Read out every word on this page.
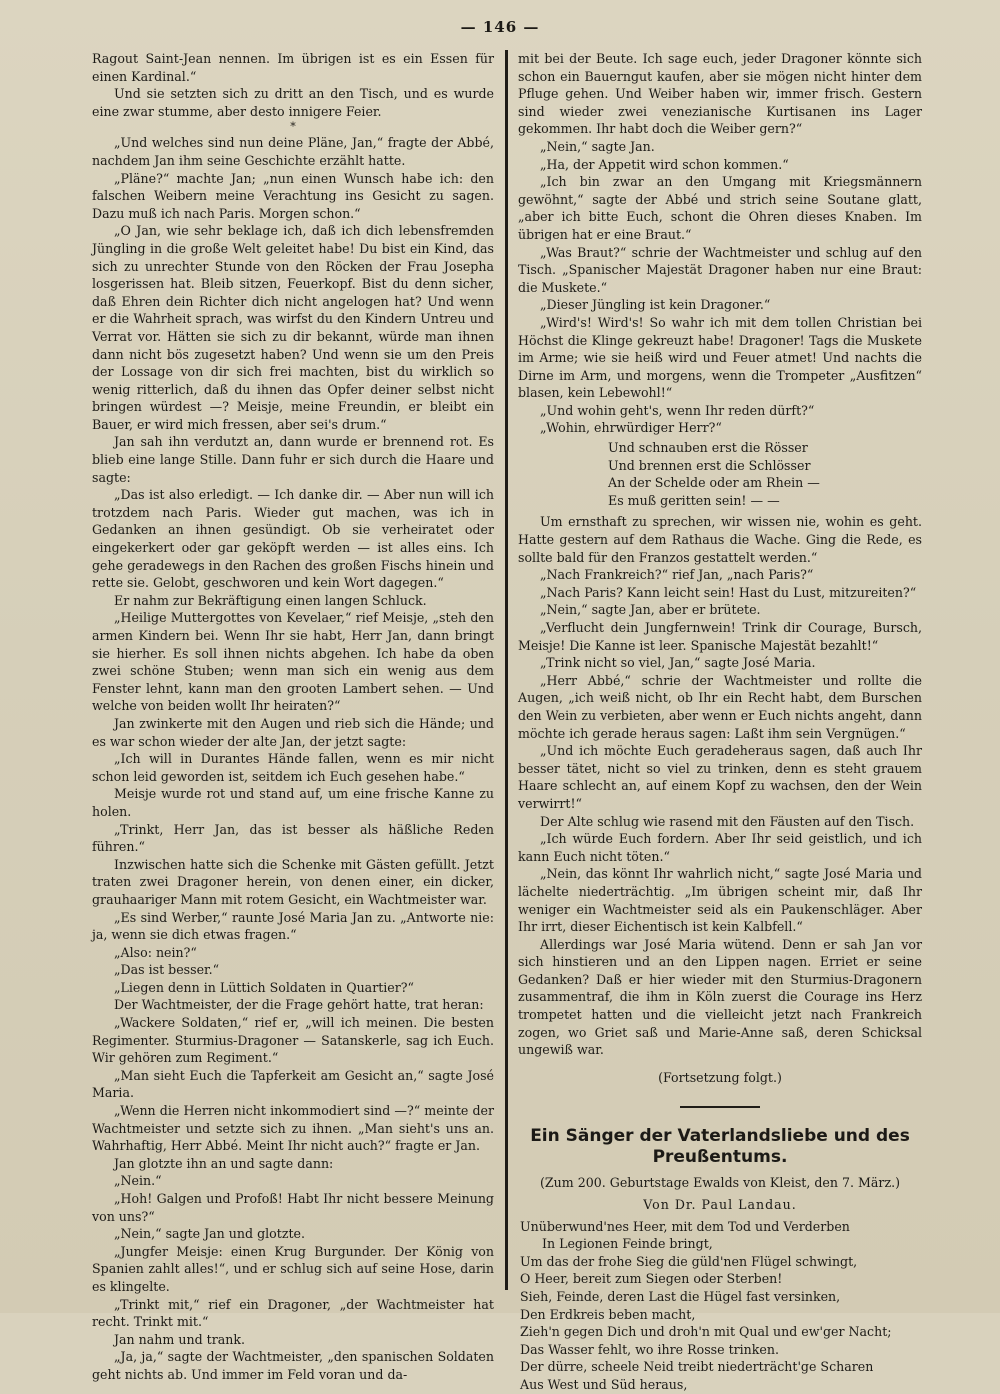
— 146 —

Ragout Saint-Jean nennen. Im übrigen ist es ein Essen für einen Kardinal.“

Und sie setzten sich zu dritt an den Tisch, und es wurde eine zwar stumme, aber desto innigere Feier.

*

„Und welches sind nun deine Pläne, Jan,“ fragte der Abbé, nachdem Jan ihm seine Geschichte erzählt hatte.

„Pläne?“ machte Jan; „nun einen Wunsch habe ich: den falschen Weibern meine Verachtung ins Gesicht zu sagen. Dazu muß ich nach Paris. Morgen schon.“

„O Jan, wie sehr beklage ich, daß ich dich lebensfremden Jüngling in die große Welt geleitet habe! Du bist ein Kind, das sich zu unrechter Stunde von den Röcken der Frau Josepha losgerissen hat. Bleib sitzen, Feuerkopf. Bist du denn sicher, daß Ehren dein Richter dich nicht angelogen hat? Und wenn er die Wahrheit sprach, was wirfst du den Kindern Untreu und Verrat vor. Hätten sie sich zu dir bekannt, würde man ihnen dann nicht bös zugesetzt haben? Und wenn sie um den Preis der Lossage von dir sich frei machten, bist du wirklich so wenig ritterlich, daß du ihnen das Opfer deiner selbst nicht bringen würdest —? Meisje, meine Freundin, er bleibt ein Bauer, er wird mich fressen, aber sei's drum.“

Jan sah ihn verdutzt an, dann wurde er brennend rot. Es blieb eine lange Stille. Dann fuhr er sich durch die Haare und sagte:

„Das ist also erledigt. — Ich danke dir. — Aber nun will ich trotzdem nach Paris. Wieder gut machen, was ich in Gedanken an ihnen gesündigt. Ob sie verheiratet oder eingekerkert oder gar geköpft werden — ist alles eins. Ich gehe geradewegs in den Rachen des großen Fischs hinein und rette sie. Gelobt, geschworen und kein Wort dagegen.“

Er nahm zur Bekräftigung einen langen Schluck.

„Heilige Muttergottes von Kevelaer,“ rief Meisje, „steh den armen Kindern bei. Wenn Ihr sie habt, Herr Jan, dann bringt sie hierher. Es soll ihnen nichts abgehen. Ich habe da oben zwei schöne Stuben; wenn man sich ein wenig aus dem Fenster lehnt, kann man den grooten Lambert sehen. — Und welche von beiden wollt Ihr heiraten?“

Jan zwinkerte mit den Augen und rieb sich die Hände; und es war schon wieder der alte Jan, der jetzt sagte:

„Ich will in Durantes Hände fallen, wenn es mir nicht schon leid geworden ist, seitdem ich Euch gesehen habe.“

Meisje wurde rot und stand auf, um eine frische Kanne zu holen.

„Trinkt, Herr Jan, das ist besser als häßliche Reden führen.“

Inzwischen hatte sich die Schenke mit Gästen gefüllt. Jetzt traten zwei Dragoner herein, von denen einer, ein dicker, grauhaariger Mann mit rotem Gesicht, ein Wachtmeister war.

„Es sind Werber,“ raunte José Maria Jan zu. „Antworte nie: ja, wenn sie dich etwas fragen.“

„Also: nein?“

„Das ist besser.“

„Liegen denn in Lüttich Soldaten in Quartier?“

Der Wachtmeister, der die Frage gehört hatte, trat heran:

„Wackere Soldaten,“ rief er, „will ich meinen. Die besten Regimenter. Sturmius-Dragoner — Satanskerle, sag ich Euch. Wir gehören zum Regiment.“

„Man sieht Euch die Tapferkeit am Gesicht an,“ sagte José Maria.

„Wenn die Herren nicht inkommodiert sind —?“ meinte der Wachtmeister und setzte sich zu ihnen. „Man sieht's uns an. Wahrhaftig, Herr Abbé. Meint Ihr nicht auch?“ fragte er Jan.

Jan glotzte ihn an und sagte dann:

„Nein.“

„Hoh! Galgen und Profoß! Habt Ihr nicht bessere Meinung von uns?“

„Nein,“ sagte Jan und glotzte.

„Jungfer Meisje: einen Krug Burgunder. Der König von Spanien zahlt alles!“, und er schlug sich auf seine Hose, darin es klingelte.

„Trinkt mit,“ rief ein Dragoner, „der Wachtmeister hat recht. Trinkt mit.“

Jan nahm und trank.

„Ja, ja,“ sagte der Wachtmeister, „den spanischen Soldaten geht nichts ab. Und immer im Feld voran und da-

mit bei der Beute. Ich sage euch, jeder Dragoner könnte sich schon ein Bauerngut kaufen, aber sie mögen nicht hinter dem Pfluge gehen. Und Weiber haben wir, immer frisch. Gestern sind wieder zwei venezianische Kurtisanen ins Lager gekommen. Ihr habt doch die Weiber gern?“

„Nein,“ sagte Jan.

„Ha, der Appetit wird schon kommen.“

„Ich bin zwar an den Umgang mit Kriegsmännern gewöhnt,“ sagte der Abbé und strich seine Soutane glatt, „aber ich bitte Euch, schont die Ohren dieses Knaben. Im übrigen hat er eine Braut.“

„Was Braut?“ schrie der Wachtmeister und schlug auf den Tisch. „Spanischer Majestät Dragoner haben nur eine Braut: die Muskete.“

„Dieser Jüngling ist kein Dragoner.“

„Wird's! Wird's! So wahr ich mit dem tollen Christian bei Höchst die Klinge gekreuzt habe! Dragoner! Tags die Muskete im Arme; wie sie heiß wird und Feuer atmet! Und nachts die Dirne im Arm, und morgens, wenn die Trompeter „Ausfitzen“ blasen, kein Lebewohl!“

„Und wohin geht's, wenn Ihr reden dürft?“

„Wohin, ehrwürdiger Herr?“

Und schnauben erst die Rösser
Und brennen erst die Schlösser
An der Schelde oder am Rhein —
Es muß geritten sein! — —

Um ernsthaft zu sprechen, wir wissen nie, wohin es geht. Hatte gestern auf dem Rathaus die Wache. Ging die Rede, es sollte bald für den Franzos gestattelt werden.“

„Nach Frankreich?“ rief Jan, „nach Paris?“

„Nach Paris? Kann leicht sein! Hast du Lust, mitzureiten?“

„Nein,“ sagte Jan, aber er brütete.

„Verflucht dein Jungfernwein! Trink dir Courage, Bursch, Meisje! Die Kanne ist leer. Spanische Majestät bezahlt!“

„Trink nicht so viel, Jan,“ sagte José Maria.

„Herr Abbé,“ schrie der Wachtmeister und rollte die Augen, „ich weiß nicht, ob Ihr ein Recht habt, dem Burschen den Wein zu verbieten, aber wenn er Euch nichts angeht, dann möchte ich gerade heraus sagen: Laßt ihm sein Vergnügen.“

„Und ich möchte Euch geradeheraus sagen, daß auch Ihr besser tätet, nicht so viel zu trinken, denn es steht grauem Haare schlecht an, auf einem Kopf zu wachsen, den der Wein verwirrt!“

Der Alte schlug wie rasend mit den Fäusten auf den Tisch.

„Ich würde Euch fordern. Aber Ihr seid geistlich, und ich kann Euch nicht töten.“

„Nein, das könnt Ihr wahrlich nicht,“ sagte José Maria und lächelte niederträchtig. „Im übrigen scheint mir, daß Ihr weniger ein Wachtmeister seid als ein Paukenschläger. Aber Ihr irrt, dieser Eichentisch ist kein Kalbfell.“

Allerdings war José Maria wütend. Denn er sah Jan vor sich hinstieren und an den Lippen nagen. Erriet er seine Gedanken? Daß er hier wieder mit den Sturmius-Dragonern zusammentraf, die ihm in Köln zuerst die Courage ins Herz trompetet hatten und die vielleicht jetzt nach Frankreich zogen, wo Griet saß und Marie-Anne saß, deren Schicksal ungewiß war.

(Fortsetzung folgt.)
Ein Sänger der Vaterlandsliebe und des Preußentums.
(Zum 200. Geburtstage Ewalds von Kleist, den 7. März.)
Von Dr. Paul Landau.
Unüberwund'nes Heer, mit dem Tod und Verderben
In Legionen Feinde bringt,
Um das der frohe Sieg die güld'nen Flügel schwingt,
O Heer, bereit zum Siegen oder Sterben!
Sieh, Feinde, deren Last die Hügel fast versinken,
Den Erdkreis beben macht,
Zieh'n gegen Dich und droh'n mit Qual und ew'ger Nacht;
Das Wasser fehlt, wo ihre Rosse trinken.
Der dürre, scheele Neid treibt niederträcht'ge Scharen
Aus West und Süd heraus,
